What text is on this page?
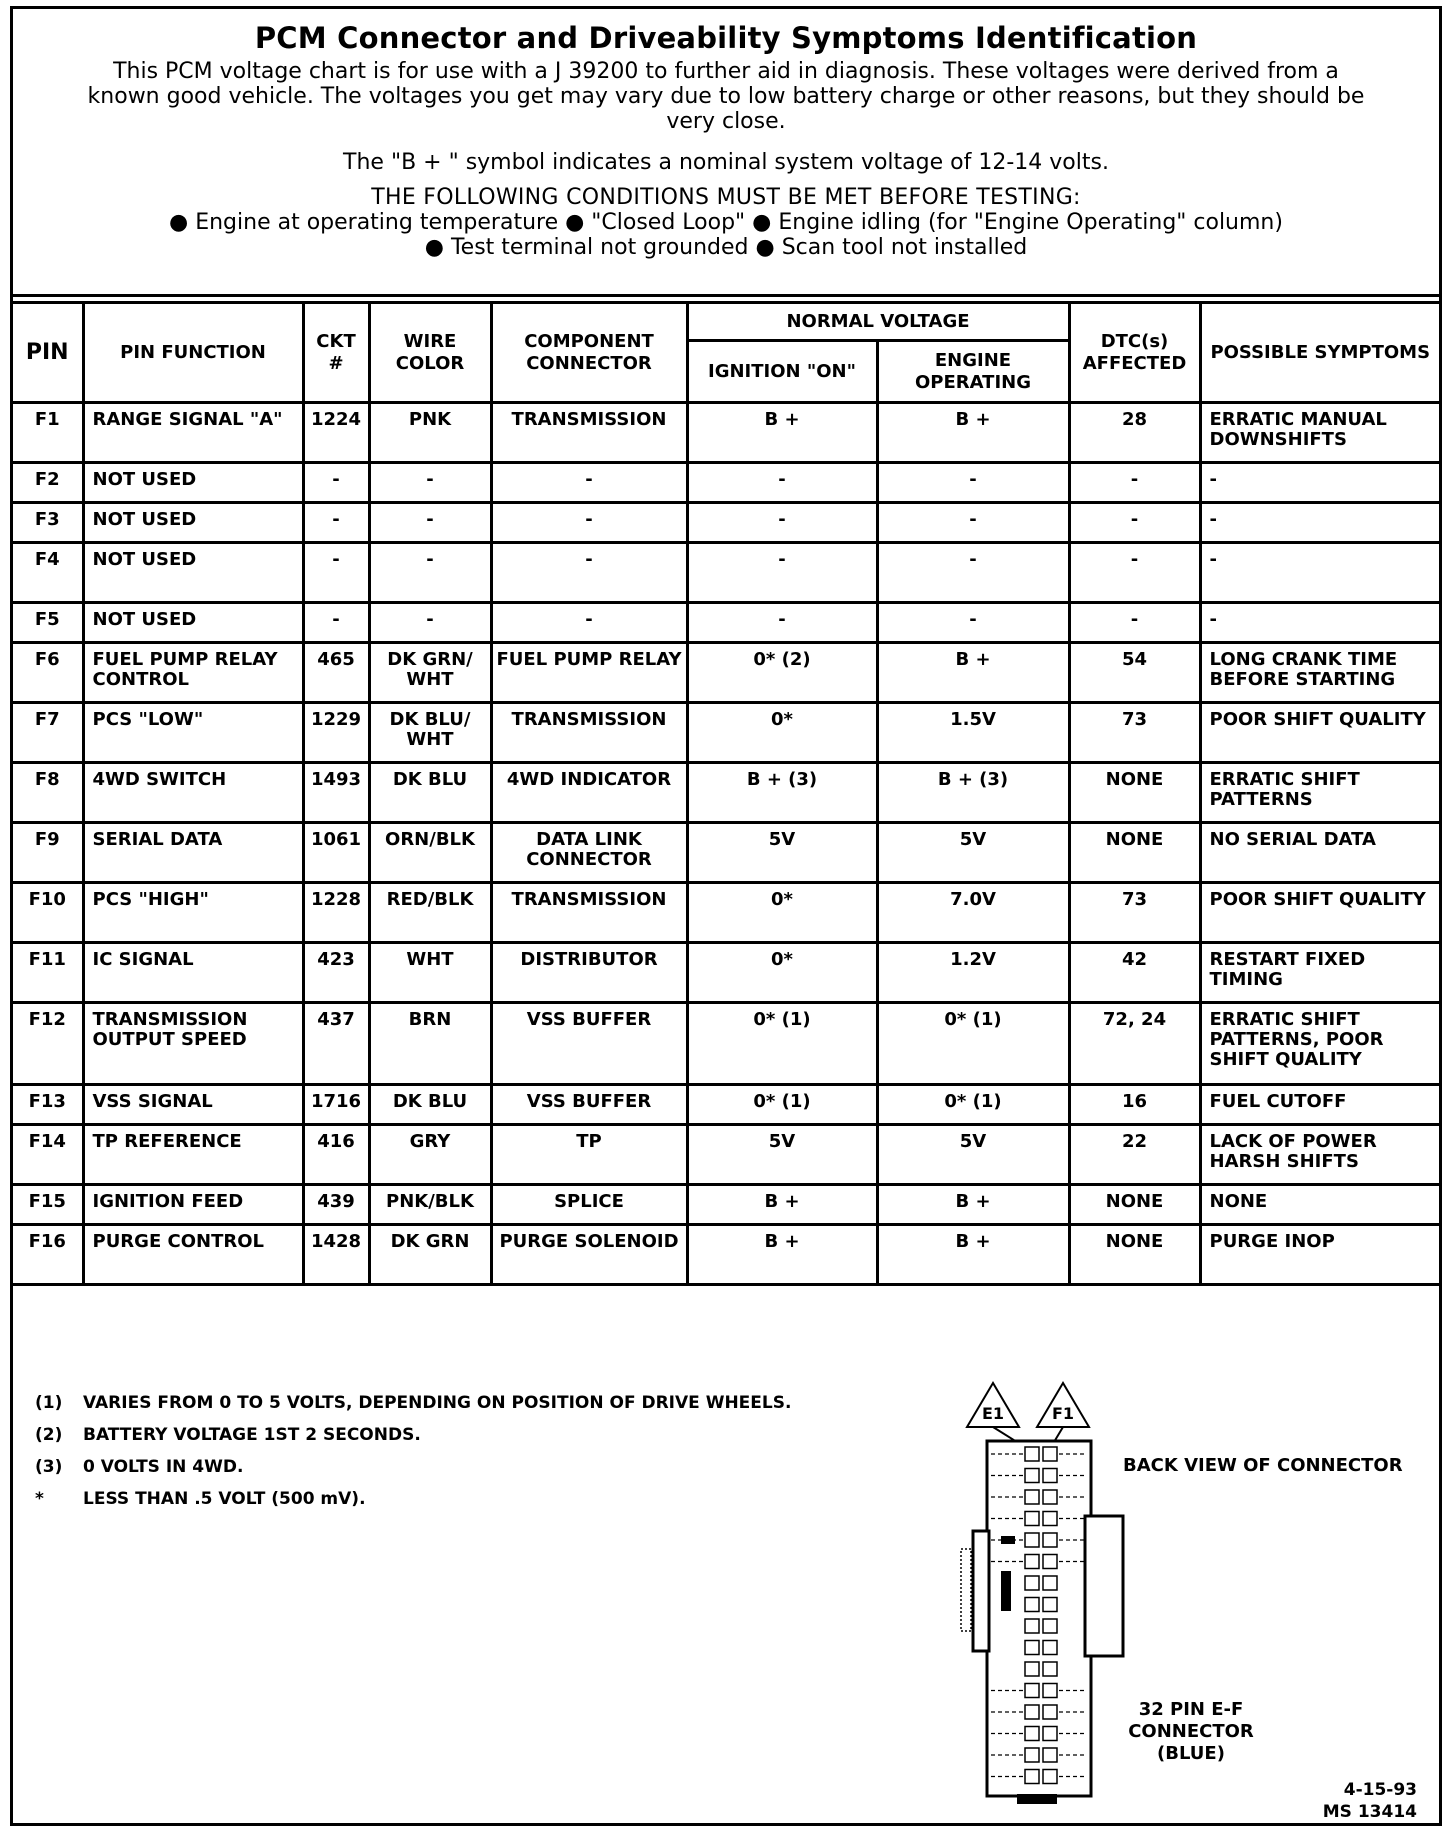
PCM Connector and Driveability Symptoms Identification
This PCM voltage chart is for use with a J 39200 to further aid in diagnosis. These voltages were derived from a known good vehicle. The voltages you get may vary due to low battery charge or other reasons, but they should be very close.
The "B + " symbol indicates a nominal system voltage of 12-14 volts.
THE FOLLOWING CONDITIONS MUST BE MET BEFORE TESTING:
● Engine at operating temperature ● "Closed Loop" ● Engine idling (for "Engine Operating" column)
● Test terminal not grounded ● Scan tool not installed
PIN	PIN FUNCTION	CKT #	WIRE COLOR	COMPONENT CONNECTOR	NORMAL VOLTAGE		DTC(s) AFFECTED	POSSIBLE SYMPTOMS
					IGNITION "ON"	ENGINE OPERATING		
F1	RANGE SIGNAL "A"	1224	PNK	TRANSMISSION	B +	B +	28	ERRATIC MANUAL DOWNSHIFTS
F2	NOT USED	-	-	-	-	-	-	-
F3	NOT USED	-	-	-	-	-	-	-
F4	NOT USED	-	-	-	-	-	-	-
F5	NOT USED	-	-	-	-	-	-	-
F6	FUEL PUMP RELAY CONTROL	465	DK GRN/ WHT	FUEL PUMP RELAY	0* (2)	B +	54	LONG CRANK TIME BEFORE STARTING
F7	PCS "LOW"	1229	DK BLU/ WHT	TRANSMISSION	0*	1.5V	73	POOR SHIFT QUALITY
F8	4WD SWITCH	1493	DK BLU	4WD INDICATOR	B + (3)	B + (3)	NONE	ERRATIC SHIFT PATTERNS
F9	SERIAL DATA	1061	ORN/BLK	DATA LINK CONNECTOR	5V	5V	NONE	NO SERIAL DATA
F10	PCS "HIGH"	1228	RED/BLK	TRANSMISSION	0*	7.0V	73	POOR SHIFT QUALITY
F11	IC SIGNAL	423	WHT	DISTRIBUTOR	0*	1.2V	42	RESTART FIXED TIMING
F12	TRANSMISSION OUTPUT SPEED	437	BRN	VSS BUFFER	0* (1)	0* (1)	72, 24	ERRATIC SHIFT PATTERNS, POOR SHIFT QUALITY
F13	VSS SIGNAL	1716	DK BLU	VSS BUFFER	0* (1)	0* (1)	16	FUEL CUTOFF
F14	TP REFERENCE	416	GRY	TP	5V	5V	22	LACK OF POWER HARSH SHIFTS
F15	IGNITION FEED	439	PNK/BLK	SPLICE	B +	B +	NONE	NONE
F16	PURGE CONTROL	1428	DK GRN	PURGE SOLENOID	B +	B +	NONE	PURGE INOP
(1) VARIES FROM 0 TO 5 VOLTS, DEPENDING ON POSITION OF DRIVE WHEELS.
(2) BATTERY VOLTAGE 1ST 2 SECONDS.
(3) 0 VOLTS IN 4WD.
* LESS THAN .5 VOLT (500 mV).
E1	F1
BACK VIEW OF CONNECTOR
32 PIN E-F CONNECTOR (BLUE)
4-15-93
MS 13414
